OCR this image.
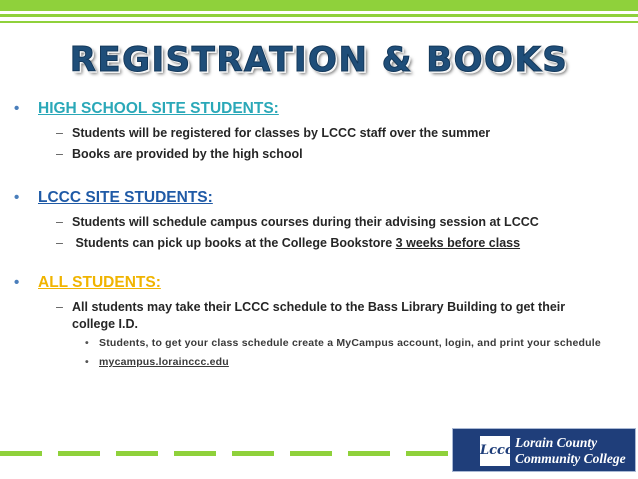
REGISTRATION & BOOKS
• HIGH SCHOOL SITE STUDENTS:
– Students will be registered for classes by LCCC staff over the summer
– Books are provided by the high school
• LCCC SITE STUDENTS:
– Students will schedule campus courses during their advising session at LCCC
– Students can pick up books at the College Bookstore 3 weeks before class
• ALL STUDENTS:
– All students may take their LCCC schedule to the Bass Library Building to get their college I.D.
• Students, to get your class schedule create a MyCampus account, login, and print your schedule
• mycampus.lorainccc.edu
Lccc
Lorain County
Community College
